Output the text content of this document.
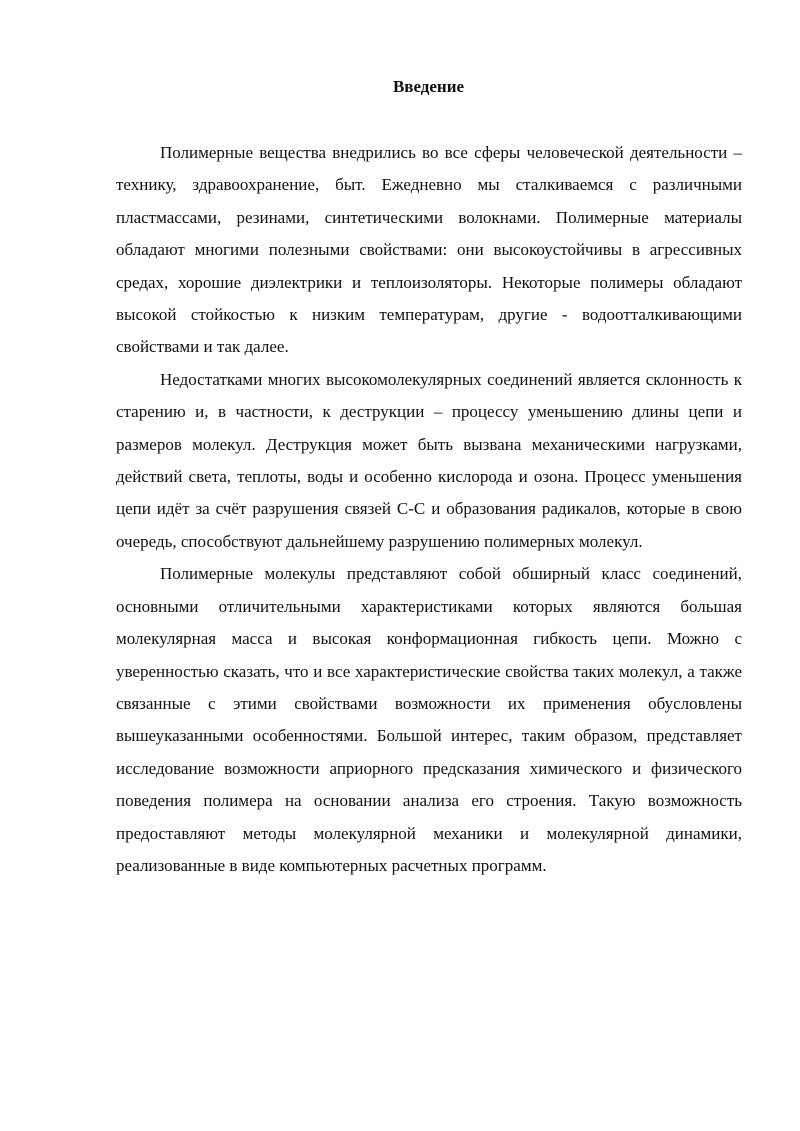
Введение

Полимерные вещества внедрились во все сферы человеческой деятельности – технику, здравоохранение, быт. Ежедневно мы сталкиваемся с различными пластмассами, резинами, синтетическими волокнами. Полимерные материалы обладают многими полезными свойствами: они высокоустойчивы в агрессивных средах, хорошие диэлектрики и теплоизоляторы. Некоторые полимеры обладают высокой стойкостью к низким температурам, другие - водоотталкивающими свойствами и так далее.

Недостатками многих высокомолекулярных соединений является склонность к старению и, в частности, к деструкции – процессу уменьшению длины цепи и размеров молекул. Деструкция может быть вызвана механическими нагрузками, действий света, теплоты, воды и особенно кислорода и озона. Процесс уменьшения цепи идёт за счёт разрушения связей С-С и образования радикалов, которые в свою очередь, способствуют дальнейшему разрушению полимерных молекул.

Полимерные молекулы представляют собой обширный класс соединений, основными отличительными характеристиками которых являются большая молекулярная масса и высокая конформационная гибкость цепи. Можно с уверенностью сказать, что и все характеристические свойства таких молекул, а также связанные с этими свойствами возможности их применения обусловлены вышеуказанными особенностями. Большой интерес, таким образом, представляет исследование возможности априорного предсказания химического и физического поведения полимера на основании анализа его строения. Такую возможность предоставляют методы молекулярной механики и молекулярной динамики, реализованные в виде компьютерных расчетных программ.
